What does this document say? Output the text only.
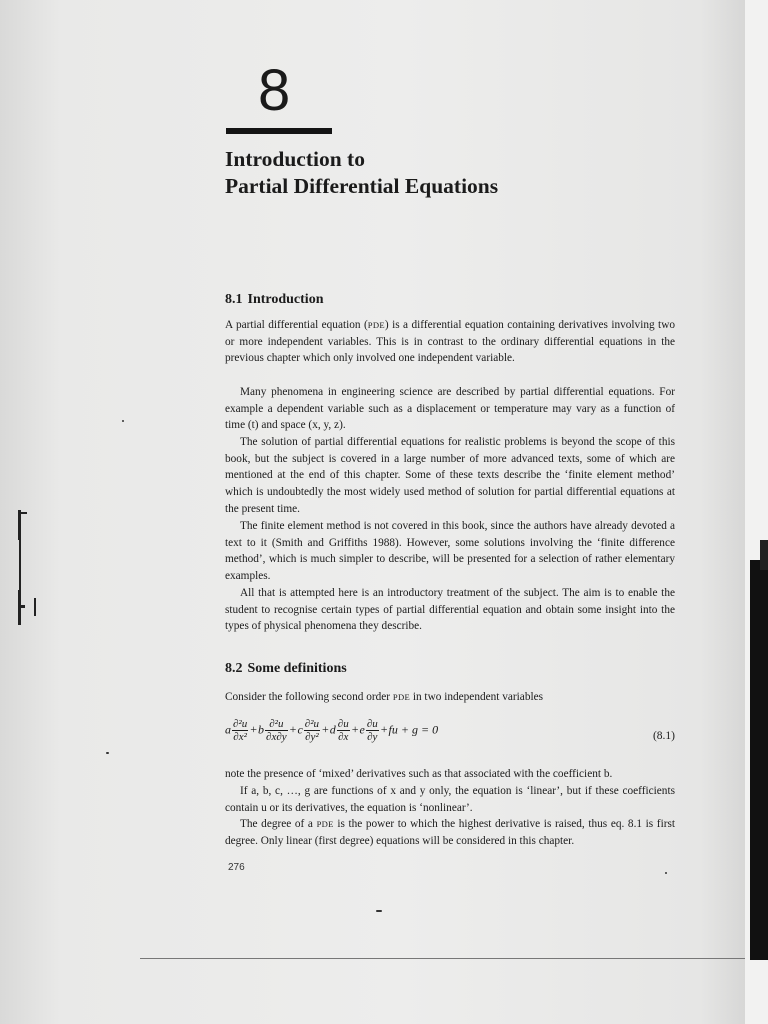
8
Introduction to
Partial Differential Equations
8.1 Introduction
A partial differential equation (PDE) is a differential equation containing derivatives involving two or more independent variables. This is in contrast to the ordinary differential equations in the previous chapter which only involved one independent variable.
Many phenomena in engineering science are described by partial differential equations. For example a dependent variable such as a displacement or temperature may vary as a function of time (t) and space (x, y, z).
The solution of partial differential equations for realistic problems is beyond the scope of this book, but the subject is covered in a large number of more advanced texts, some of which are mentioned at the end of this chapter. Some of these texts describe the ‘finite element method’ which is undoubtedly the most widely used method of solution for partial differential equations at the present time.
The finite element method is not covered in this book, since the authors have already devoted a text to it (Smith and Griffiths 1988). However, some solutions involving the ‘finite difference method’, which is much simpler to describe, will be presented for a selection of rather elementary examples.
All that is attempted here is an introductory treatment of the subject. The aim is to enable the student to recognise certain types of partial differential equation and obtain some insight into the types of physical phenomena they describe.
8.2 Some definitions
Consider the following second order PDE in two independent variables
a $\frac{\text{∂²u}}{\text{∂x²}} +b \frac{\text{∂²u}}{\partial x\partial y} +c \frac{\text{∂²u}}{\text{∂y²}} +d \frac{\partial u}{\partial x} +e \frac{\partial u}{\partial y} +fu + g = 0$	(8.1)
note the presence of ‘mixed’ derivatives such as that associated with the coefficient b.
If a, b, c, …, g are functions of x and y only, the equation is ‘linear’, but if these coefficients contain u or its derivatives, the equation is ‘nonlinear’.
The degree of a PDE is the power to which the highest derivative is raised, thus eq. 8.1 is first degree. Only linear (first degree) equations will be considered in this chapter.
276
